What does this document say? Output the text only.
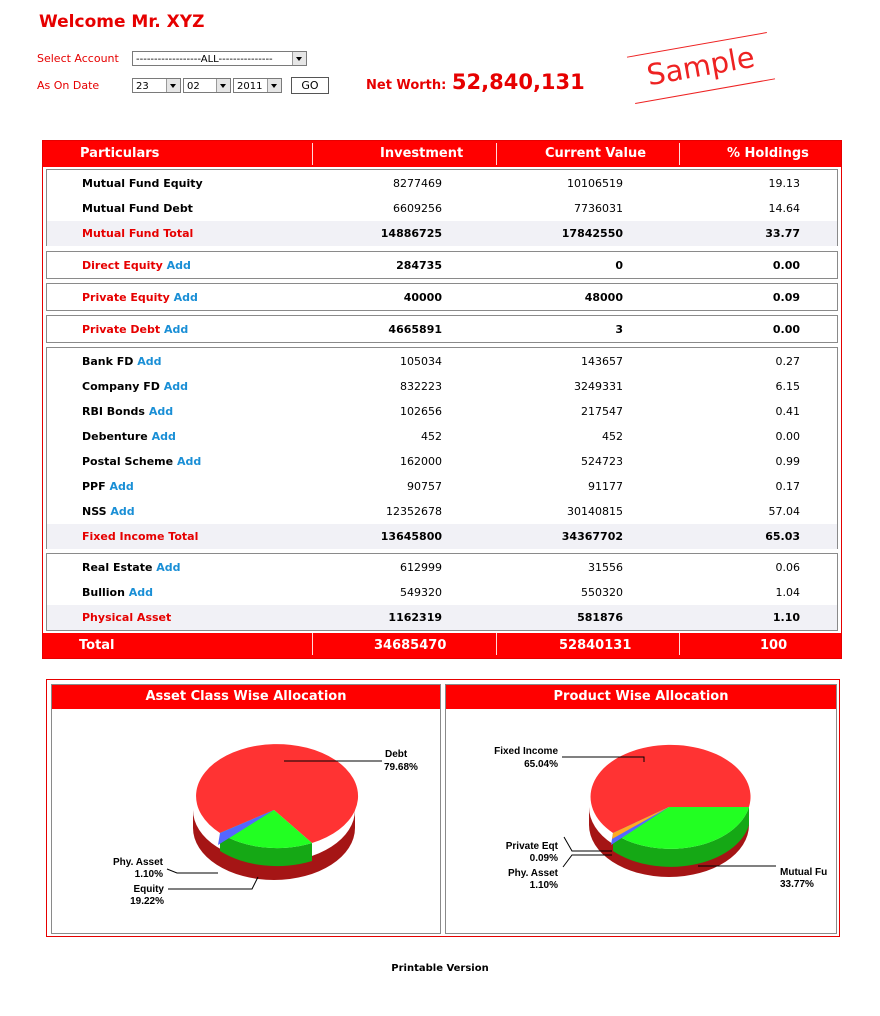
Welcome Mr. XYZ
Select Account	------------------ALL---------------
As On Date	23	02	2011	GO	Net Worth: 52,840,131	Sample
Particulars	Investment	Current Value	% Holdings
Mutual Fund Equity	8277469	10106519	19.13
Mutual Fund Debt	6609256	7736031	14.64
Mutual Fund Total	14886725	17842550	33.77
Direct Equity Add	284735	0	0.00
Private Equity Add	40000	48000	0.09
Private Debt Add	4665891	3	0.00
Bank FD Add	105034	143657	0.27
Company FD Add	832223	3249331	6.15
RBI Bonds Add	102656	217547	0.41
Debenture Add	452	452	0.00
Postal Scheme Add	162000	524723	0.99
PPF Add	90757	91177	0.17
NSS Add	12352678	30140815	57.04
Fixed Income Total	13645800	34367702	65.03
Real Estate Add	612999	31556	0.06
Bullion Add	549320	550320	1.04
Physical Asset	1162319	581876	1.10
Total	34685470	52840131	100
Asset Class Wise Allocation
Debt
79.68%
Phy. Asset
1.10%
Equity
19.22%
Product Wise Allocation
Fixed Income
65.04%
Private Eqt
0.09%
Phy. Asset
1.10%
Mutual Fu
33.77%
Printable Version
